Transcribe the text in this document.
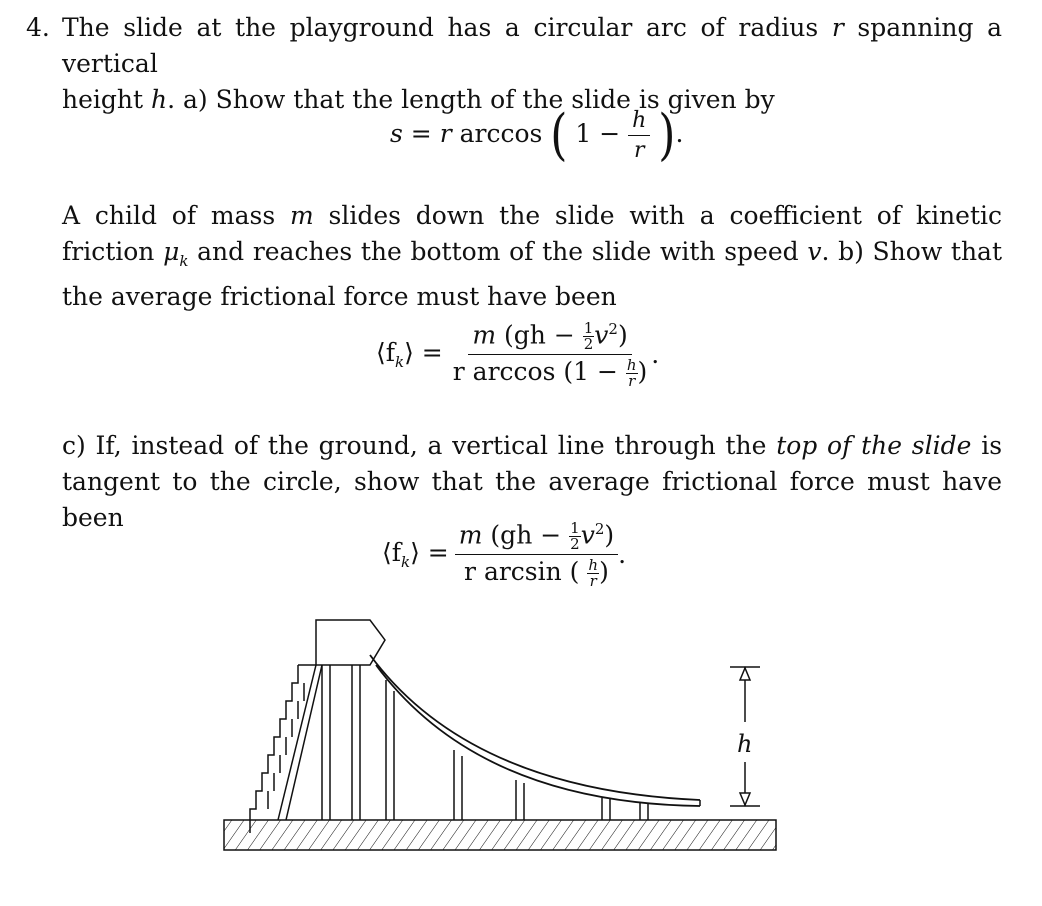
4. The slide at the playground has a circular arc of radius r spanning a vertical
height h. a) Show that the length of the slide is given by
s = r arccos ( $1 - \frac{h}{r}$ ).
A child of mass m slides down the slide with a coefficient of kinetic friction $\mu_k$ and reaches the bottom of the slide with speed v. b) Show that the average frictional force must have been
$⟨f_k⟩ = \frac{m (gh - \frac{1}{2} v^2)}{r \arccos (1 - \frac{h}{r} )}$ .
c) If, instead of the ground, a vertical line through the top of the slide is tangent to the circle, show that the average frictional force must have been
$⟨f_k⟩ = \frac{m (gh - \frac{1}{2} v^2)}{r \arcsin ( \frac{h}{r} )}$ .
h
